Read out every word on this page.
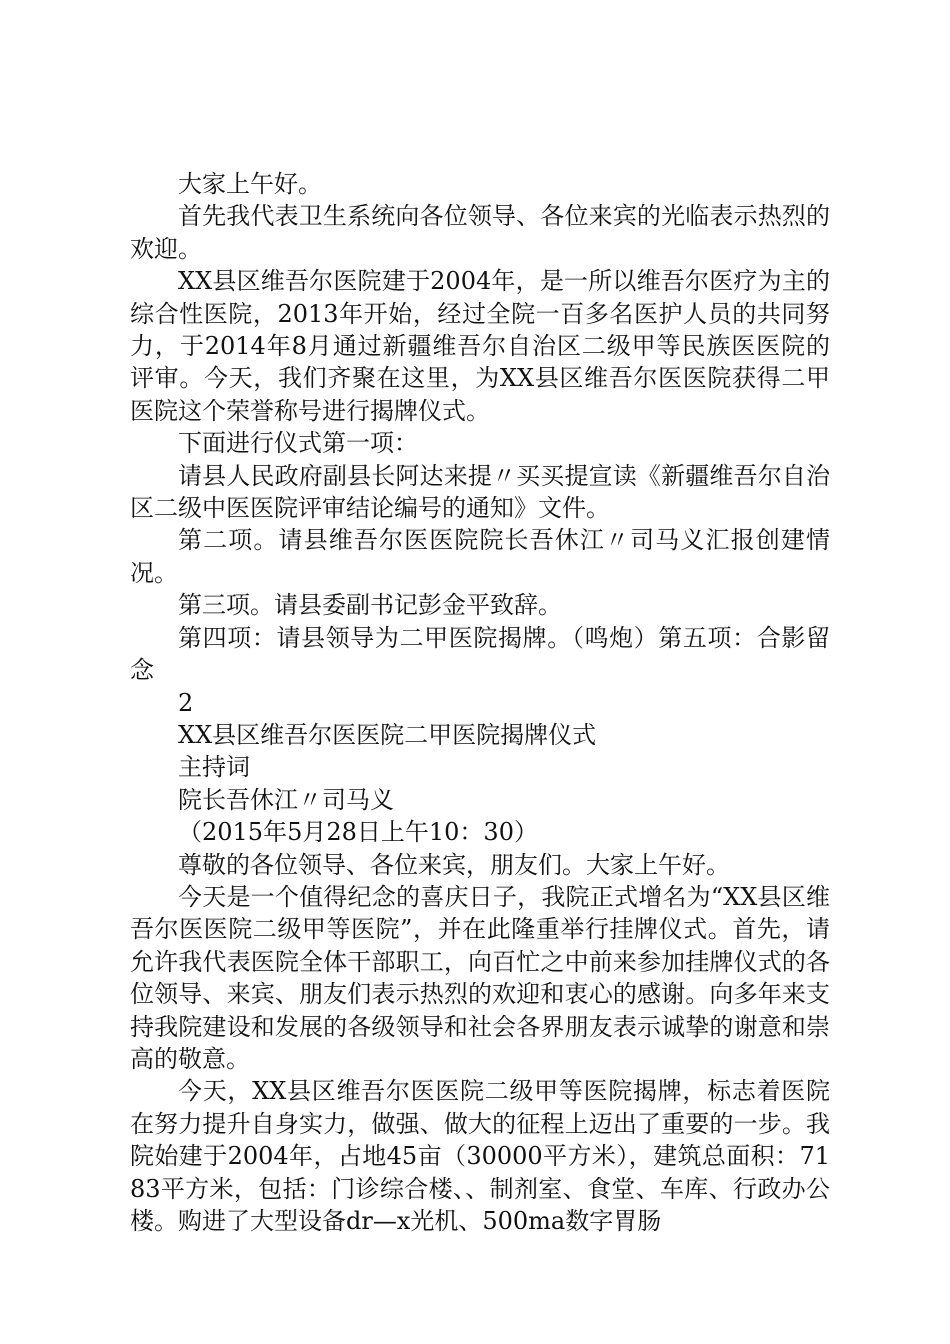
大家上午好。

首先我代表卫生系统向各位领导、各位来宾的光临表示热烈的欢迎。

XX县区维吾尔医院建于2004年，是一所以维吾尔医疗为主的综合性医院，2013年开始，经过全院一百多名医护人员的共同努力，于2014年8月通过新疆维吾尔自治区二级甲等民族医医院的评审。今天，我们齐聚在这里，为XX县区维吾尔医医院获得二甲医院这个荣誉称号进行揭牌仪式。

下面进行仪式第一项：

请县人民政府副县长阿达来提〃买买提宣读《新疆维吾尔自治区二级中医医院评审结论编号的通知》文件。

第二项。请县维吾尔医医院院长吾休江〃司马义汇报创建情况。

第三项。请县委副书记彭金平致辞。

第四项：请县领导为二甲医院揭牌。（鸣炮）第五项：合影留念

2

XX县区维吾尔医医院二甲医院揭牌仪式

主持词

院长吾休江〃司马义

（2015年5月28日上午10：30）

尊敬的各位领导、各位来宾，朋友们。大家上午好。

今天是一个值得纪念的喜庆日子，我院正式增名为“XX县区维吾尔医医院二级甲等医院”，并在此隆重举行挂牌仪式。首先，请允许我代表医院全体干部职工，向百忙之中前来参加挂牌仪式的各位领导、来宾、朋友们表示热烈的欢迎和衷心的感谢。向多年来支持我院建设和发展的各级领导和社会各界朋友表示诚挚的谢意和崇高的敬意。

今天，XX县区维吾尔医医院二级甲等医院揭牌，标志着医院在努力提升自身实力，做强、做大的征程上迈出了重要的一步。我院始建于2004年，占地45亩（30000平方米），建筑总面积：7183平方米，包括：门诊综合楼、、制剂室、食堂、车库、行政办公楼。购进了大型设备dr—x光机、500ma数字胃肠
